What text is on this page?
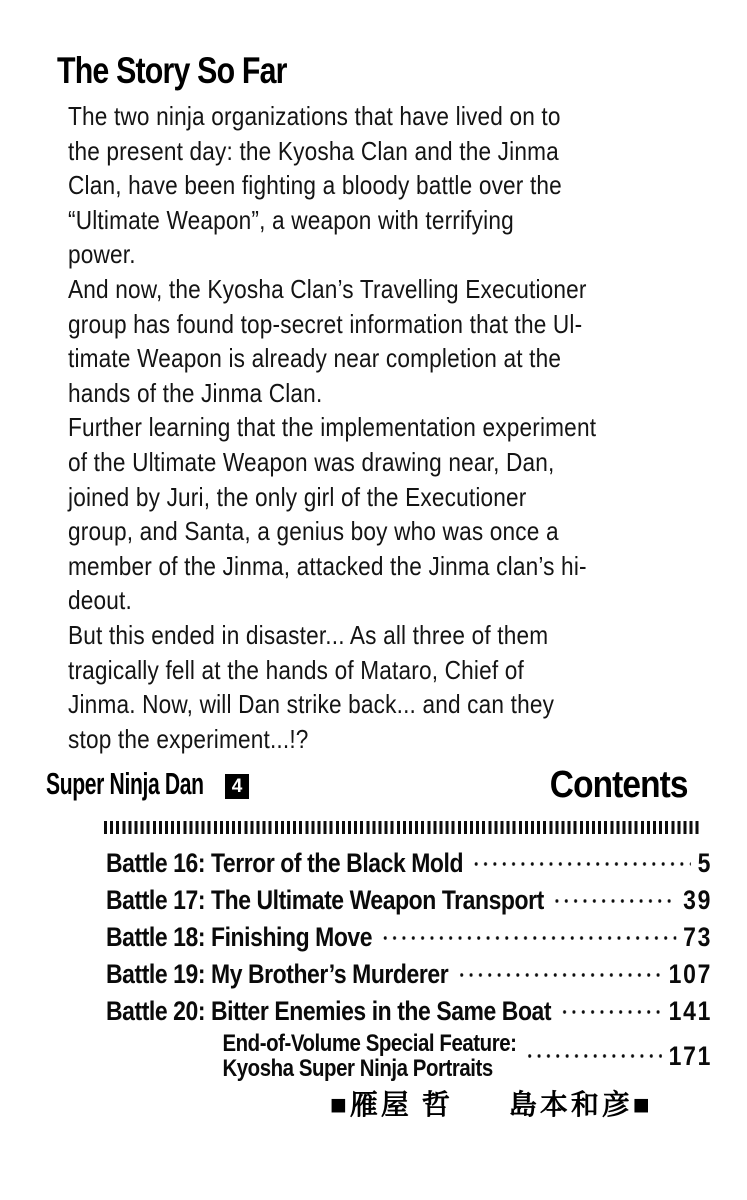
The Story So Far
The two ninja organizations that have lived on to
the present day: the Kyosha Clan and the Jinma
Clan, have been fighting a bloody battle over the
“Ultimate Weapon”, a weapon with terrifying
power.
And now, the Kyosha Clan’s Travelling Executioner
group has found top-secret information that the Ul-
timate Weapon is already near completion at the
hands of the Jinma Clan.
Further learning that the implementation experiment
of the Ultimate Weapon was drawing near, Dan,
joined by Juri, the only girl of the Executioner
group, and Santa, a genius boy who was once a
member of the Jinma, attacked the Jinma clan’s hi-
deout.
But this ended in disaster... As all three of them
tragically fell at the hands of Mataro, Chief of
Jinma. Now, will Dan strike back... and can they
stop the experiment...!?
Super Ninja Dan	4	Contents
Battle 16: Terror of the Black Mold	5
Battle 17: The Ultimate Weapon Transport	39
Battle 18: Finishing Move	73
Battle 19: My Brother’s Murderer	107
Battle 20: Bitter Enemies in the Same Boat	141
End-of-Volume Special Feature:
Kyosha Super Ninja Portraits	171
■雁屋 哲 島本和彦■
